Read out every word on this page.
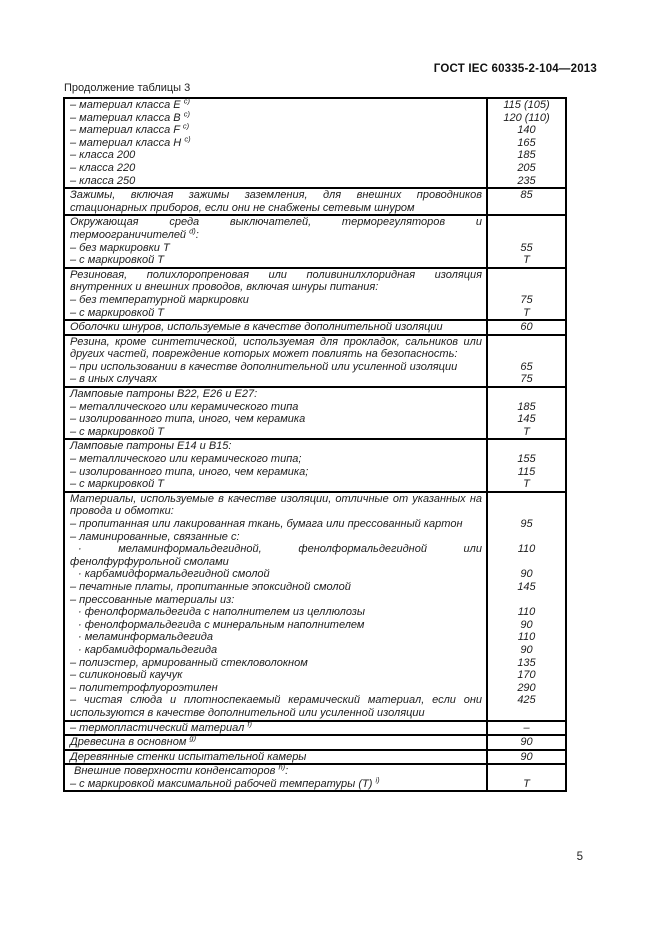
ГОСТ IEC 60335-2-104—2013
Продолжение таблицы 3
– материал класса E $^{c)}$	115 (105)
– материал класса B $^{c)}$	120 (110)
– материал класса F $^{c)}$	140
– материал класса H $^{c)}$	165
– класса 200	185
– класса 220	205
– класса 250	235
Зажимы, включая зажимы заземления, для внешних проводников	85
стационарных приборов, если они не снабжены сетевым шнуром
Окружающая среда выключателей, терморегуляторов и
термоограничителей $^{d)}$:
– без маркировки Т	55
– с маркировкой Т	Т
Резиновая, полихлоропреновая или поливинилхлоридная изоляция
внутренних и внешних проводов, включая шнуры питания:
– без температурной маркировки	75
– с маркировкой Т	Т
Оболочки шнуров, используемые в качестве дополнительной изоляции	60
Резина, кроме синтетической, используемая для прокладок, сальников или
других частей, повреждение которых может повлиять на безопасность:
– при использовании в качестве дополнительной или усиленной изоляции	65
– в иных случаях	75
Ламповые патроны В22, Е26 и Е27:
– металлического или керамического типа	185
– изолированного типа, иного, чем керамика	145
– с маркировкой Т	Т
Ламповые патроны Е14 и В15:
– металлического или керамического типа;	155
– изолированного типа, иного, чем керамика;	115
– с маркировкой Т	Т
Материалы, используемые в качестве изоляции, отличные от указанных на
провода и обмотки:
– пропитанная или лакированная ткань, бумага или прессованный картон	95
– ламинированные, связанные с:
· меламинформальдегидной, фенолформальдегидной или	110
фенолфурфурольной смолами
· карбамидформальдегидной смолой	90
– печатные платы, пропитанные эпоксидной смолой	145
– прессованные материалы из:
· фенолформальдегида с наполнителем из целлюлозы	110
· фенолформальдегида с минеральным наполнителем	90
· меламинформальдегида	110
· карбамидформальдегида	90
– полиэстер, армированный стекловолокном	135
– силиконовый каучук	170
– политетрофлуороэтилен	290
– чистая слюда и плотноспекаемый керамический материал, если они	425
используются в качестве дополнительной или усиленной изоляции
– термопластический материал $^{f)}$	–
Древесина в основном $^{g)}$	90
Деревянные стенки испытательной камеры	90
Внешние поверхности конденсаторов $^{h)}$:
– с маркировкой максимальной рабочей температуры (Т) $^{i)}$	Т
5
